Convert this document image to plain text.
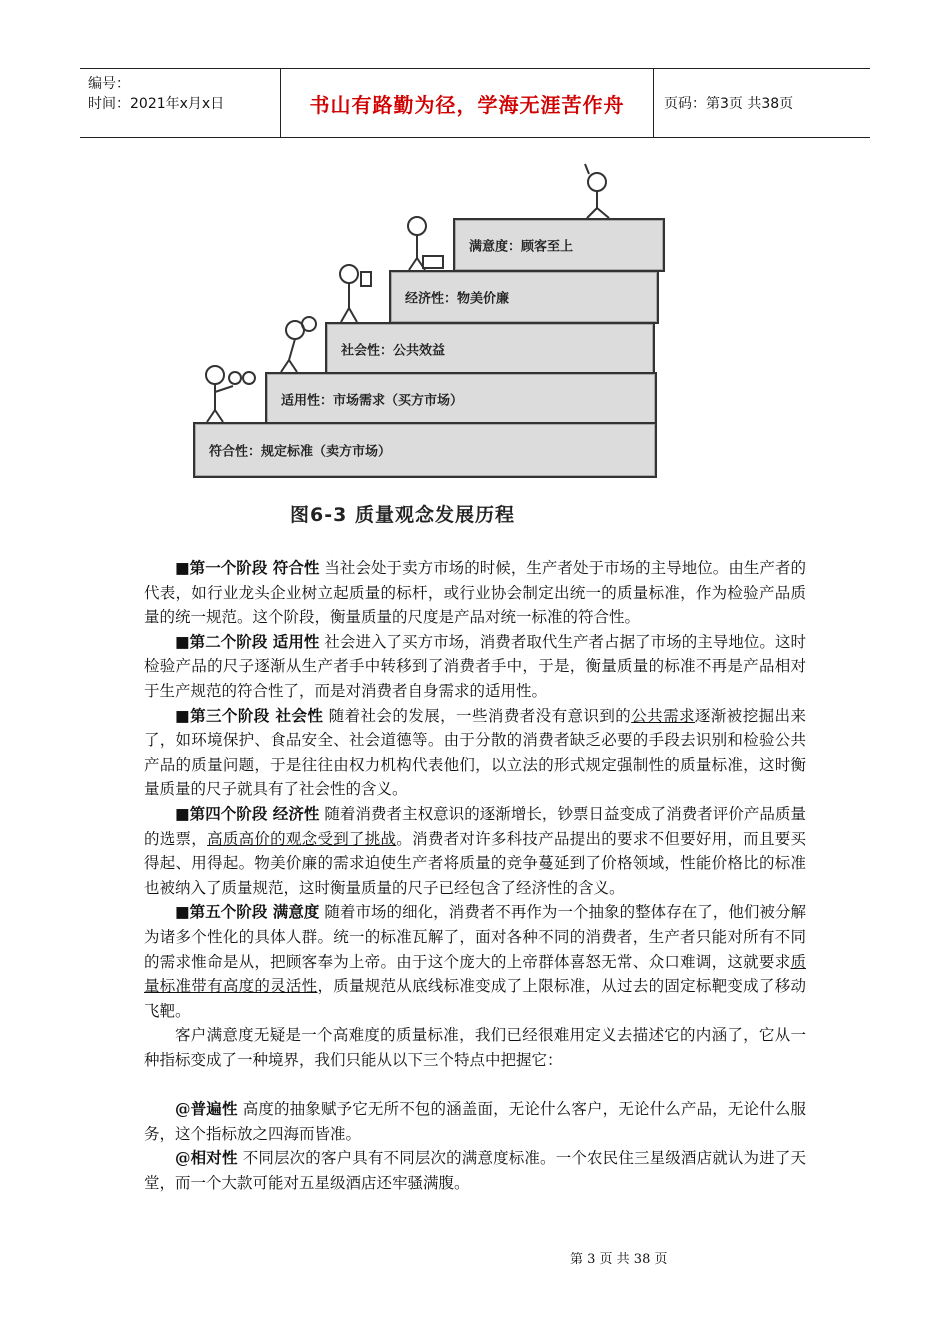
编号：
时间：2021年x月x日	书山有路勤为径，学海无涯苦作舟	页码：第3页 共38页
满意度：顾客至上
经济性：物美价廉
社会性：公共效益
适用性：市场需求（买方市场）
符合性：规定标准（卖方市场）
图6-3 质量观念发展历程

■第一个阶段 符合性 当社会处于卖方市场的时候，生产者处于市场的主导地位。由生产者的代表，如行业龙头企业树立起质量的标杆，或行业协会制定出统一的质量标准，作为检验产品质量的统一规范。这个阶段，衡量质量的尺度是产品对统一标准的符合性。

■第二个阶段 适用性 社会进入了买方市场，消费者取代生产者占据了市场的主导地位。这时检验产品的尺子逐渐从生产者手中转移到了消费者手中，于是，衡量质量的标准不再是产品相对于生产规范的符合性了，而是对消费者自身需求的适用性。

■第三个阶段 社会性 随着社会的发展，一些消费者没有意识到的公共需求逐渐被挖掘出来了，如环境保护、食品安全、社会道德等。由于分散的消费者缺乏必要的手段去识别和检验公共产品的质量问题，于是往往由权力机构代表他们，以立法的形式规定强制性的质量标准，这时衡量质量的尺子就具有了社会性的含义。

■第四个阶段 经济性 随着消费者主权意识的逐渐增长，钞票日益变成了消费者评价产品质量的选票，高质高价的观念受到了挑战。消费者对许多科技产品提出的要求不但要好用，而且要买得起、用得起。物美价廉的需求迫使生产者将质量的竞争蔓延到了价格领域，性能价格比的标准也被纳入了质量规范，这时衡量质量的尺子已经包含了经济性的含义。

■第五个阶段 满意度 随着市场的细化，消费者不再作为一个抽象的整体存在了，他们被分解为诸多个性化的具体人群。统一的标准瓦解了，面对各种不同的消费者，生产者只能对所有不同的需求惟命是从，把顾客奉为上帝。由于这个庞大的上帝群体喜怒无常、众口难调，这就要求质量标准带有高度的灵活性，质量规范从底线标准变成了上限标准，从过去的固定标靶变成了移动飞靶。

客户满意度无疑是一个高难度的质量标准，我们已经很难用定义去描述它的内涵了，它从一种指标变成了一种境界，我们只能从以下三个特点中把握它：

@普遍性 高度的抽象赋予它无所不包的涵盖面，无论什么客户，无论什么产品，无论什么服务，这个指标放之四海而皆准。

@相对性 不同层次的客户具有不同层次的满意度标准。一个农民住三星级酒店就认为进了天堂，而一个大款可能对五星级酒店还牢骚满腹。

第 3 页 共 38 页
